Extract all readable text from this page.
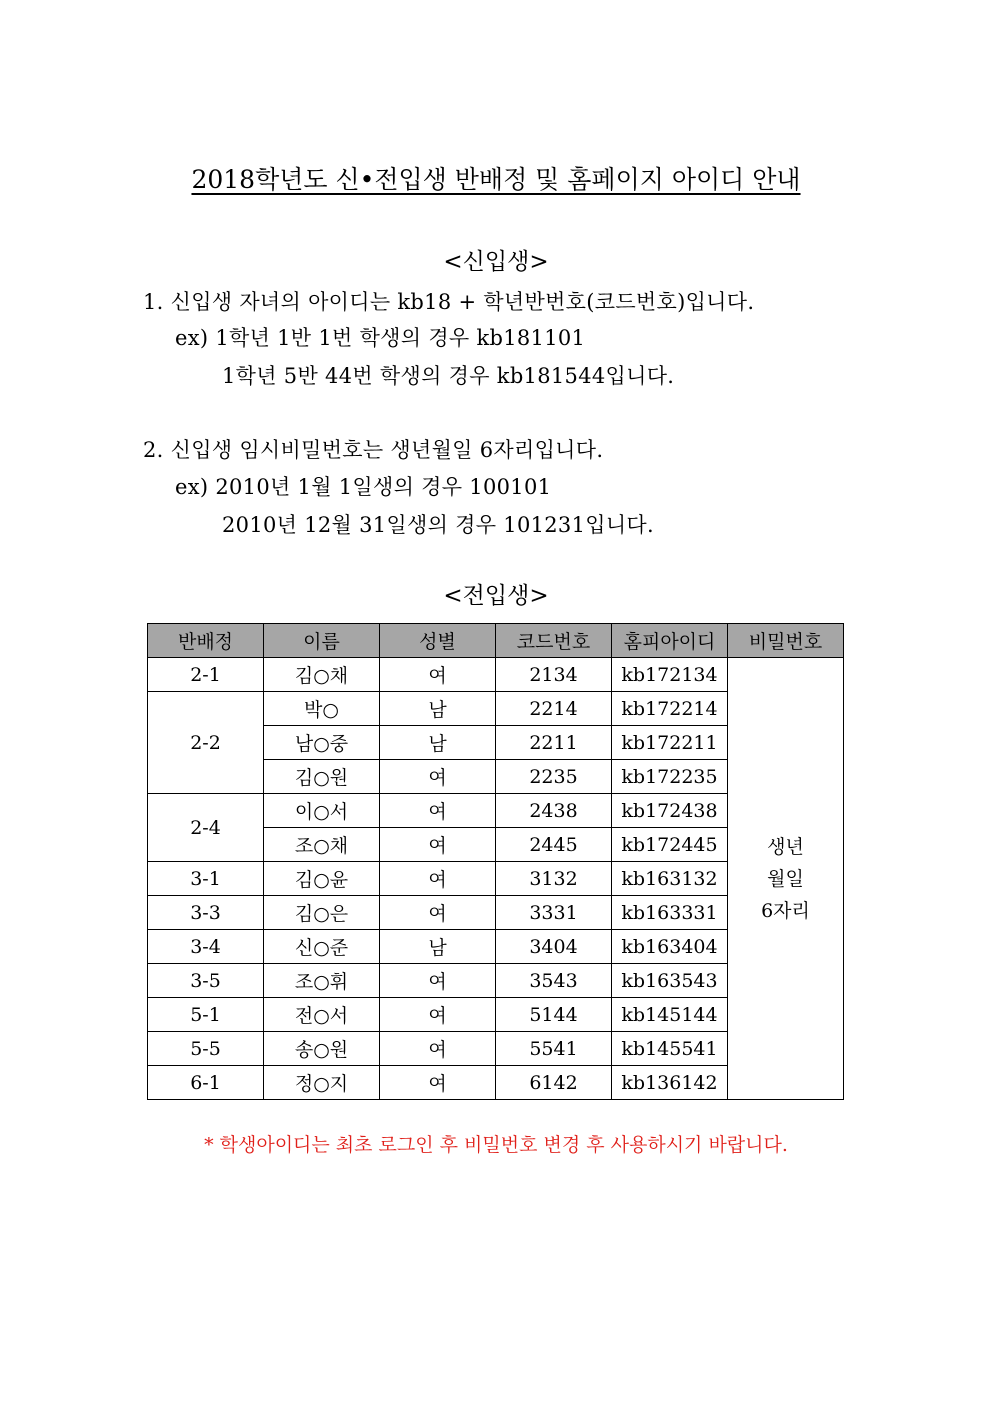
2018학년도 신•전입생 반배정 및 홈페이지 아이디 안내
<신입생>
1. 신입생 자녀의 아이디는 kb18 + 학년반번호(코드번호)입니다.
ex) 1학년 1반 1번 학생의 경우 kb181101
1학년 5반 44번 학생의 경우 kb181544입니다.
2. 신입생 임시비밀번호는 생년월일 6자리입니다.
ex) 2010년 1월 1일생의 경우 100101
2010년 12월 31일생의 경우 101231입니다.
<전입생>
반배정	이름	성별	코드번호	홈피아이디	비밀번호
2-1	김○채	여	2134	kb172134	생년
월일
6자리
2-2	박○	남	2214	kb172214	
	남○중	남	2211	kb172211	
	김○원	여	2235	kb172235	
2-4	이○서	여	2438	kb172438	
	조○채	여	2445	kb172445	
3-1	김○윤	여	3132	kb163132	
3-3	김○은	여	3331	kb163331	
3-4	신○준	남	3404	kb163404	
3-5	조○휘	여	3543	kb163543	
5-1	전○서	여	5144	kb145144	
5-5	송○원	여	5541	kb145541	
6-1	정○지	여	6142	kb136142	
* 학생아이디는 최초 로그인 후 비밀번호 변경 후 사용하시기 바랍니다.
